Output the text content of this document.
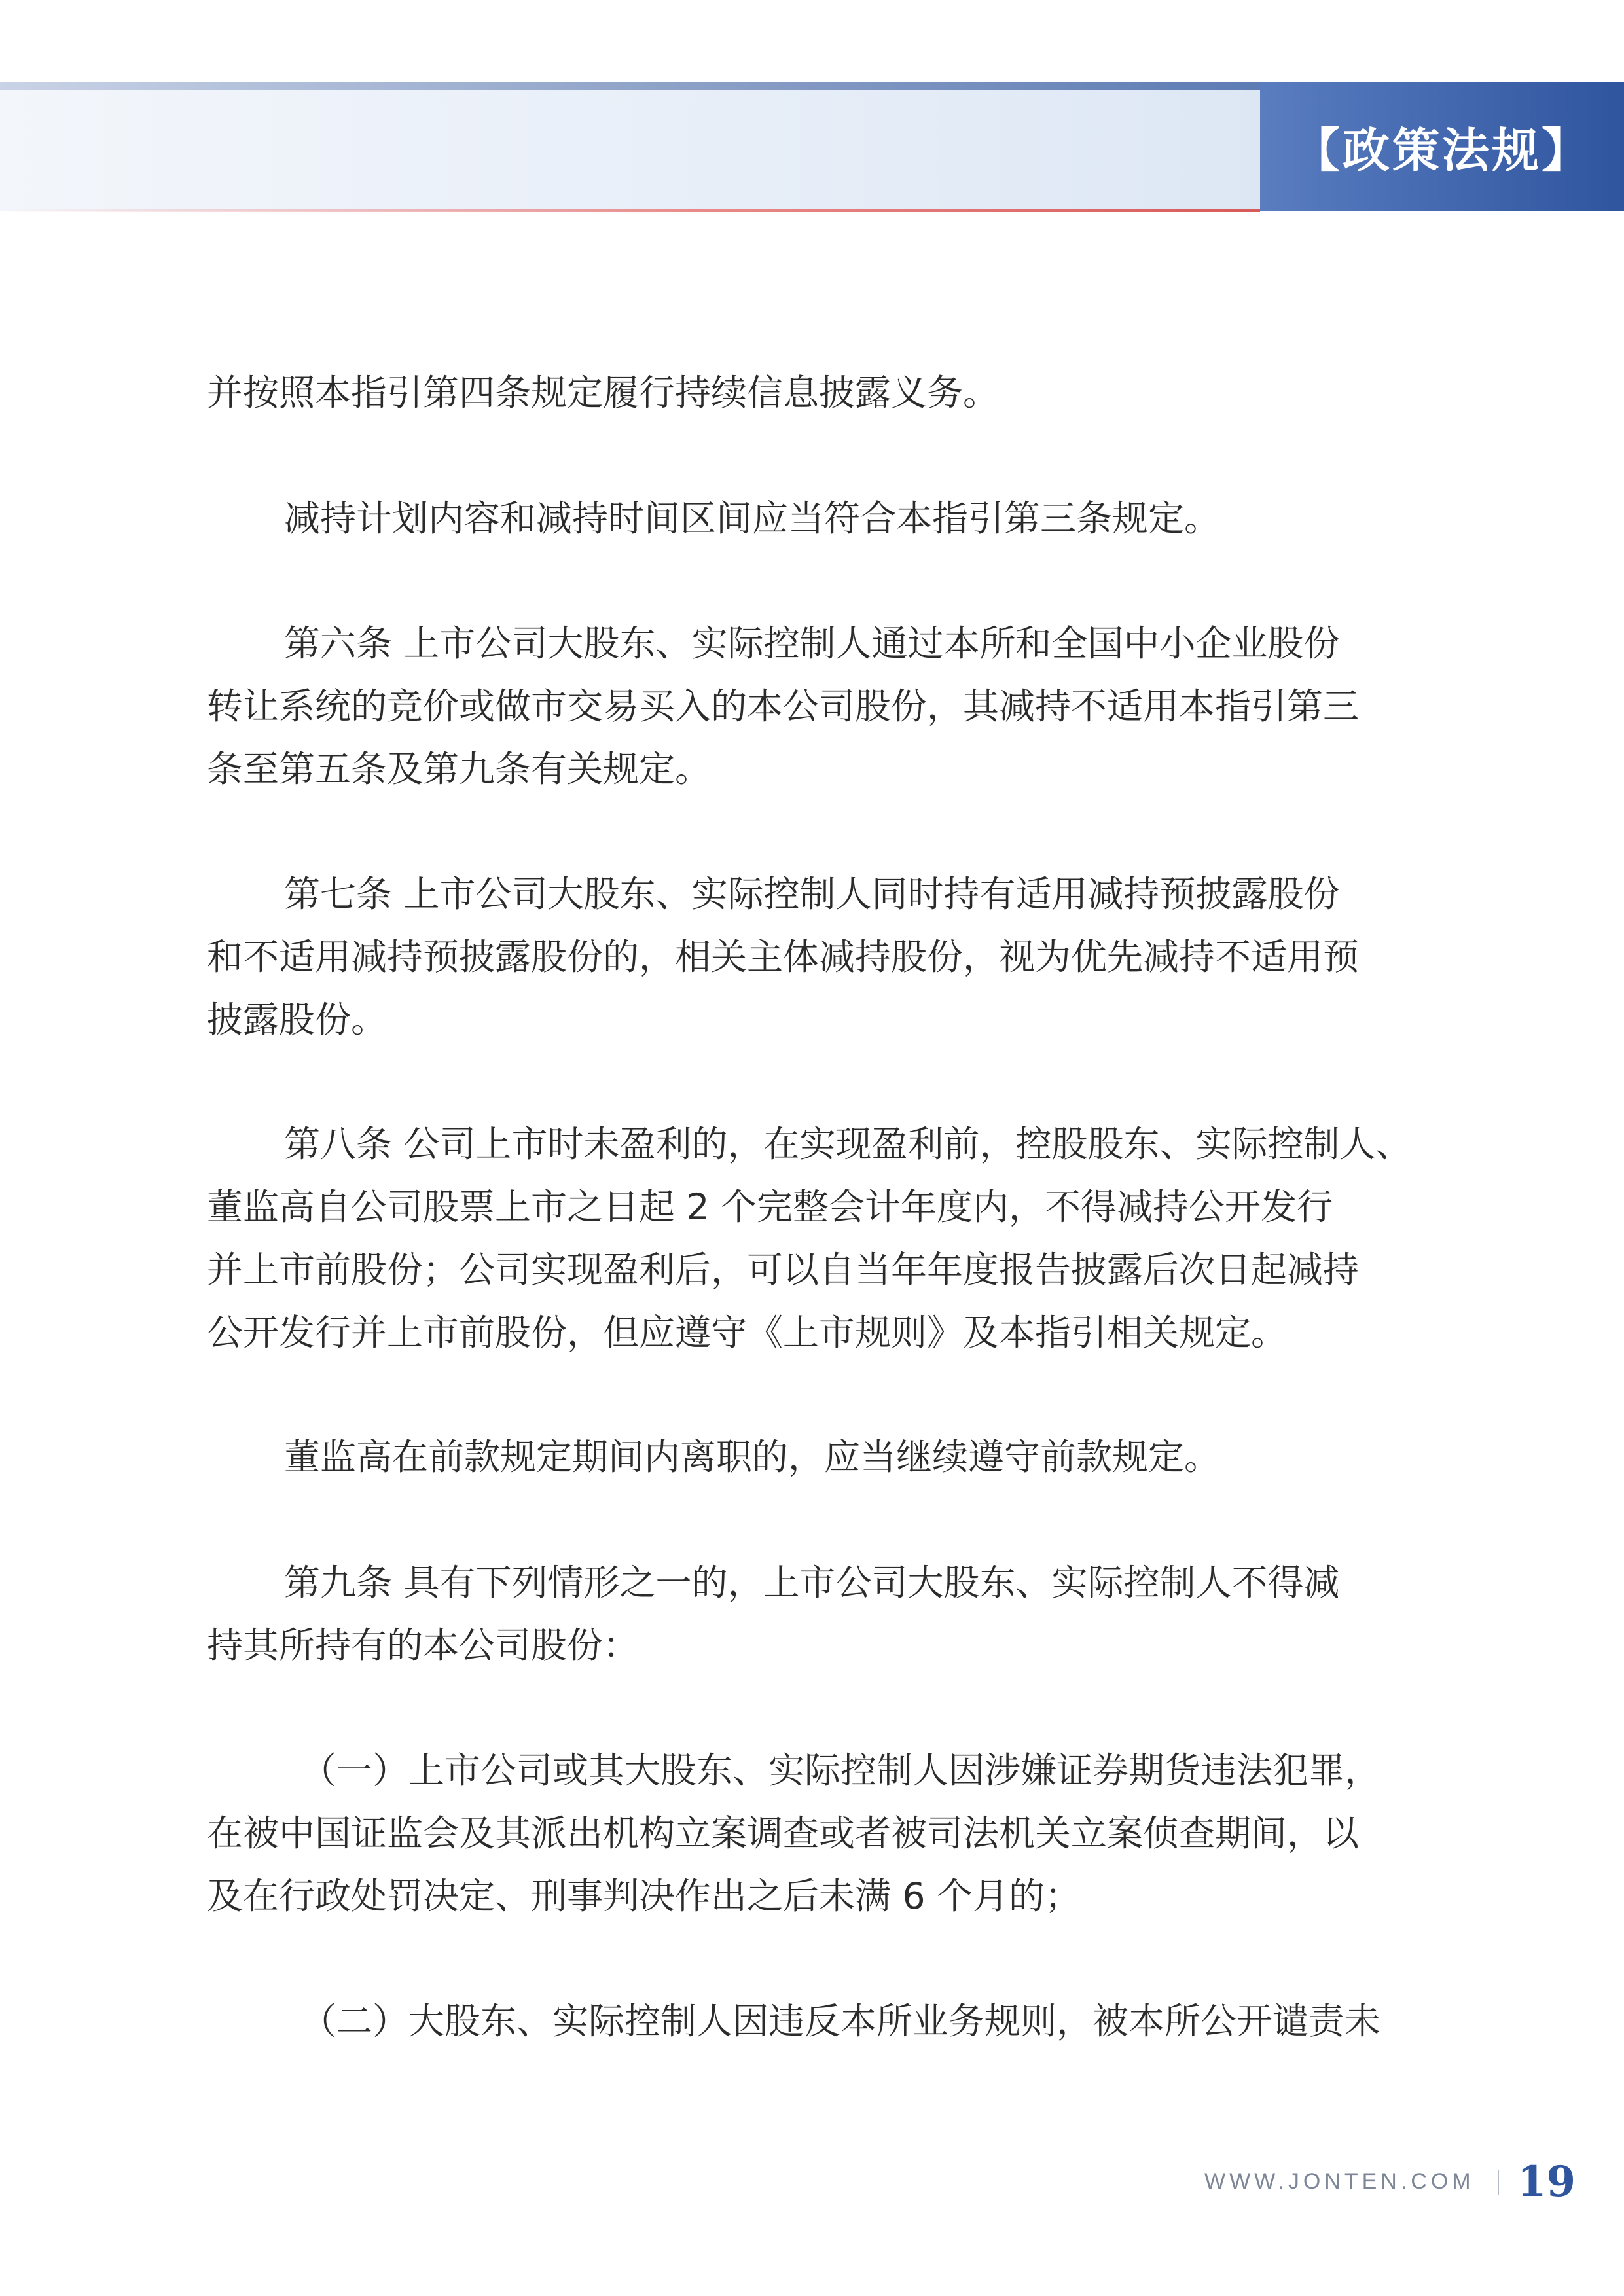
【政策法规】
并按照本指引第四条规定履行持续信息披露义务。
减持计划内容和减持时间区间应当符合本指引第三条规定。
第六条 上市公司大股东、实际控制人通过本所和全国中小企业股份
转让系统的竞价或做市交易买入的本公司股份，其减持不适用本指引第三
条至第五条及第九条有关规定。
第七条 上市公司大股东、实际控制人同时持有适用减持预披露股份
和不适用减持预披露股份的，相关主体减持股份，视为优先减持不适用预
披露股份。
第八条 公司上市时未盈利的，在实现盈利前，控股股东、实际控制人、
董监高自公司股票上市之日起 2 个完整会计年度内，不得减持公开发行
并上市前股份；公司实现盈利后，可以自当年年度报告披露后次日起减持
公开发行并上市前股份，但应遵守《上市规则》及本指引相关规定。
董监高在前款规定期间内离职的，应当继续遵守前款规定。
第九条 具有下列情形之一的，上市公司大股东、实际控制人不得减
持其所持有的本公司股份：
（一）上市公司或其大股东、实际控制人因涉嫌证券期货违法犯罪，
在被中国证监会及其派出机构立案调查或者被司法机关立案侦查期间，以
及在行政处罚决定、刑事判决作出之后未满 6 个月的；
（二）大股东、实际控制人因违反本所业务规则，被本所公开谴责未
WWW.JONTEN.COM 19
